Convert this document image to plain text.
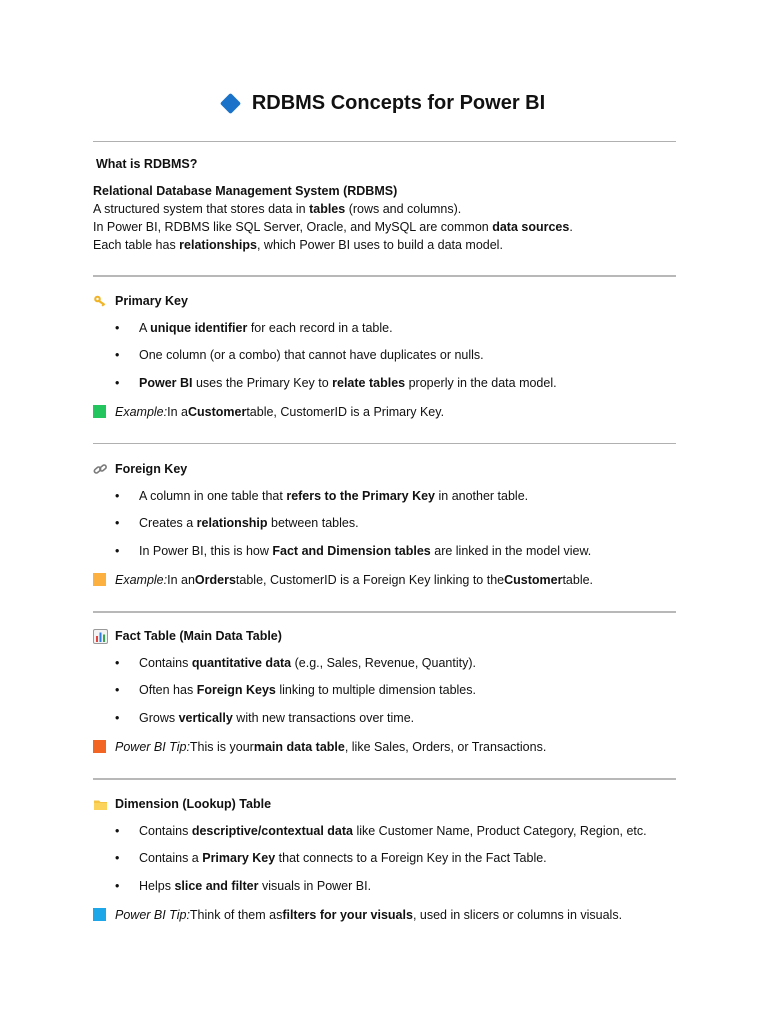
RDBMS Concepts for Power BI
What is RDBMS?
Relational Database Management System (RDBMS)
A structured system that stores data in tables (rows and columns).
In Power BI, RDBMS like SQL Server, Oracle, and MySQL are common data sources.
Each table has relationships, which Power BI uses to build a data model.
Primary Key
• A unique identifier for each record in a table.
• One column (or a combo) that cannot have duplicates or nulls.
• Power BI uses the Primary Key to relate tables properly in the data model.
Example: In a Customer table, CustomerID is a Primary Key.
Foreign Key
• A column in one table that refers to the Primary Key in another table.
• Creates a relationship between tables.
• In Power BI, this is how Fact and Dimension tables are linked in the model view.
Example: In an Orders table, CustomerID is a Foreign Key linking to the Customer table.
Fact Table (Main Data Table)
• Contains quantitative data (e.g., Sales, Revenue, Quantity).
• Often has Foreign Keys linking to multiple dimension tables.
• Grows vertically with new transactions over time.
Power BI Tip: This is your main data table , like Sales, Orders, or Transactions.
Dimension (Lookup) Table
• Contains descriptive/contextual data like Customer Name, Product Category, Region, etc.
• Contains a Primary Key that connects to a Foreign Key in the Fact Table.
• Helps slice and filter visuals in Power BI.
Power BI Tip: Think of them as filters for your visuals , used in slicers or columns in visuals.
